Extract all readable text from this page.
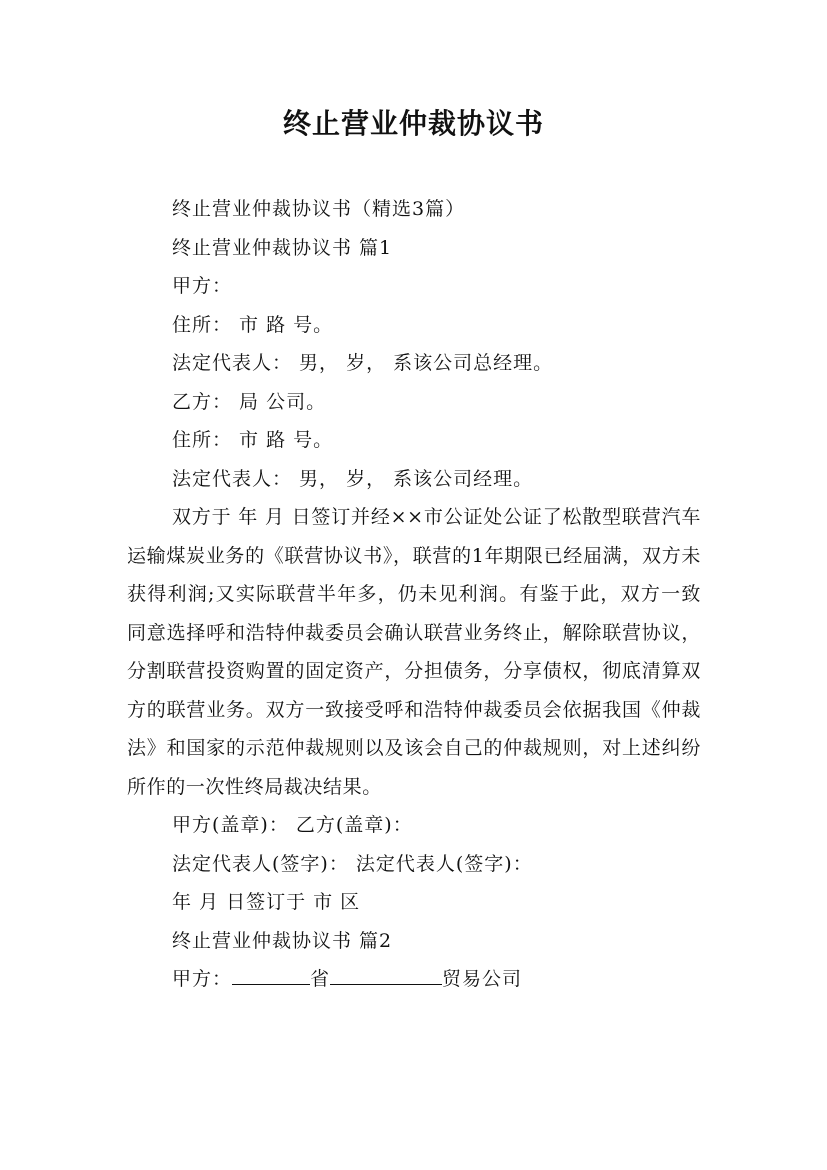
终止营业仲裁协议书
终止营业仲裁协议书（精选3篇）
终止营业仲裁协议书 篇1
甲方：
住所： 市 路 号。
法定代表人： 男， 岁， 系该公司总经理。
乙方： 局 公司。
住所： 市 路 号。
法定代表人： 男， 岁， 系该公司经理。

双方于 年 月 日签订并经××市公证处公证了松散型联营汽车运输煤炭业务的《联营协议书》，联营的1年期限已经届满，双方未获得利润;又实际联营半年多，仍未见利润。有鉴于此，双方一致同意选择呼和浩特仲裁委员会确认联营业务终止，解除联营协议，分割联营投资购置的固定资产，分担债务，分享债权，彻底清算双方的联营业务。双方一致接受呼和浩特仲裁委员会依据我国《仲裁法》和国家的示范仲裁规则以及该会自己的仲裁规则，对上述纠纷所作的一次性终局裁决结果。

甲方(盖章)： 乙方(盖章)：
法定代表人(签字)： 法定代表人(签字)：
年 月 日签订于 市 区
终止营业仲裁协议书 篇2
甲方：	省	贸易公司
